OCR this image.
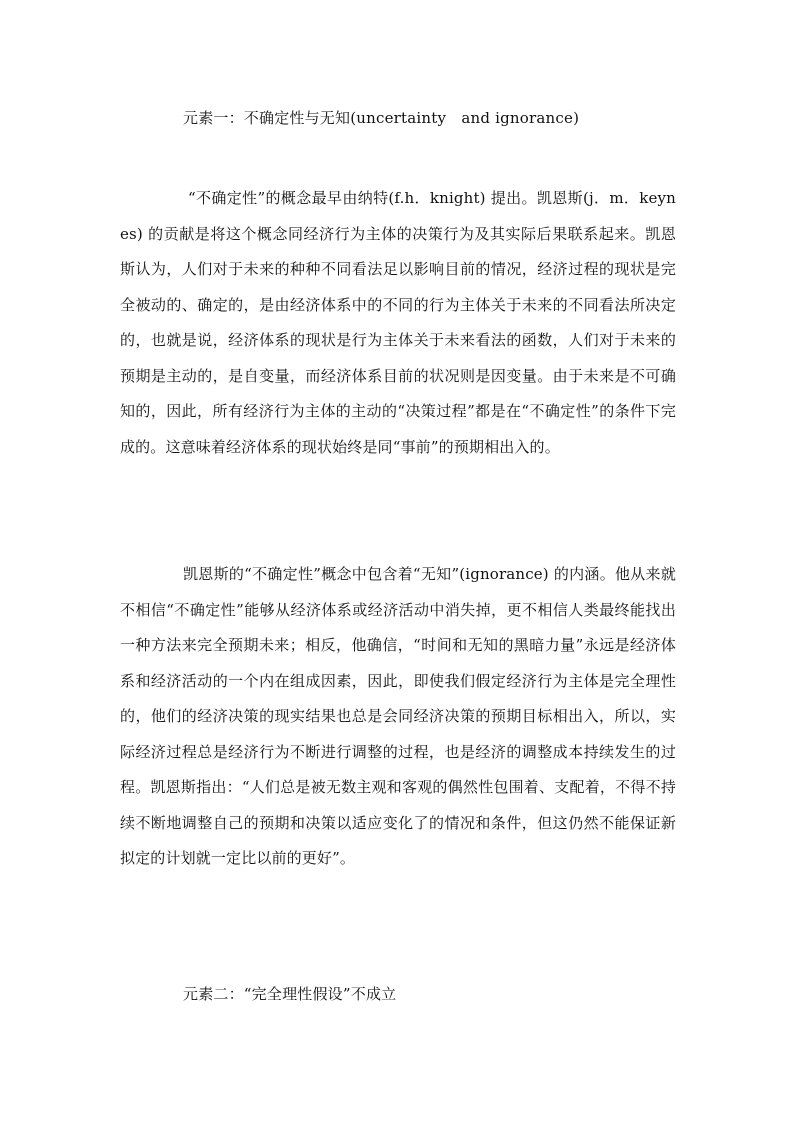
元素一：不确定性与无知(uncertainty　and ignorance)
“不确定性”的概念最早由纳特(f.h．knight) 提出。凯恩斯(j．m．keynes) 的贡献是将这个概念同经济行为主体的决策行为及其实际后果联系起来。凯恩斯认为，人们对于未来的种种不同看法足以影响目前的情况，经济过程的现状是完全被动的、确定的，是由经济体系中的不同的行为主体关于未来的不同看法所决定的，也就是说，经济体系的现状是行为主体关于未来看法的函数，人们对于未来的预期是主动的，是自变量，而经济体系目前的状况则是因变量。由于未来是不可确知的，因此，所有经济行为主体的主动的“决策过程”都是在“不确定性”的条件下完成的。这意味着经济体系的现状始终是同“事前”的预期相出入的。
凯恩斯的“不确定性”概念中包含着“无知”(ignorance) 的内涵。他从来就不相信“不确定性”能够从经济体系或经济活动中消失掉，更不相信人类最终能找出一种方法来完全预期未来；相反，他确信，“时间和无知的黑暗力量”永远是经济体系和经济活动的一个内在组成因素，因此，即使我们假定经济行为主体是完全理性的，他们的经济决策的现实结果也总是会同经济决策的预期目标相出入，所以，实际经济过程总是经济行为不断进行调整的过程，也是经济的调整成本持续发生的过程。凯恩斯指出：“人们总是被无数主观和客观的偶然性包围着、支配着，不得不持续不断地调整自己的预期和决策以适应变化了的情况和条件，但这仍然不能保证新拟定的计划就一定比以前的更好”。
元素二：“完全理性假设”不成立
